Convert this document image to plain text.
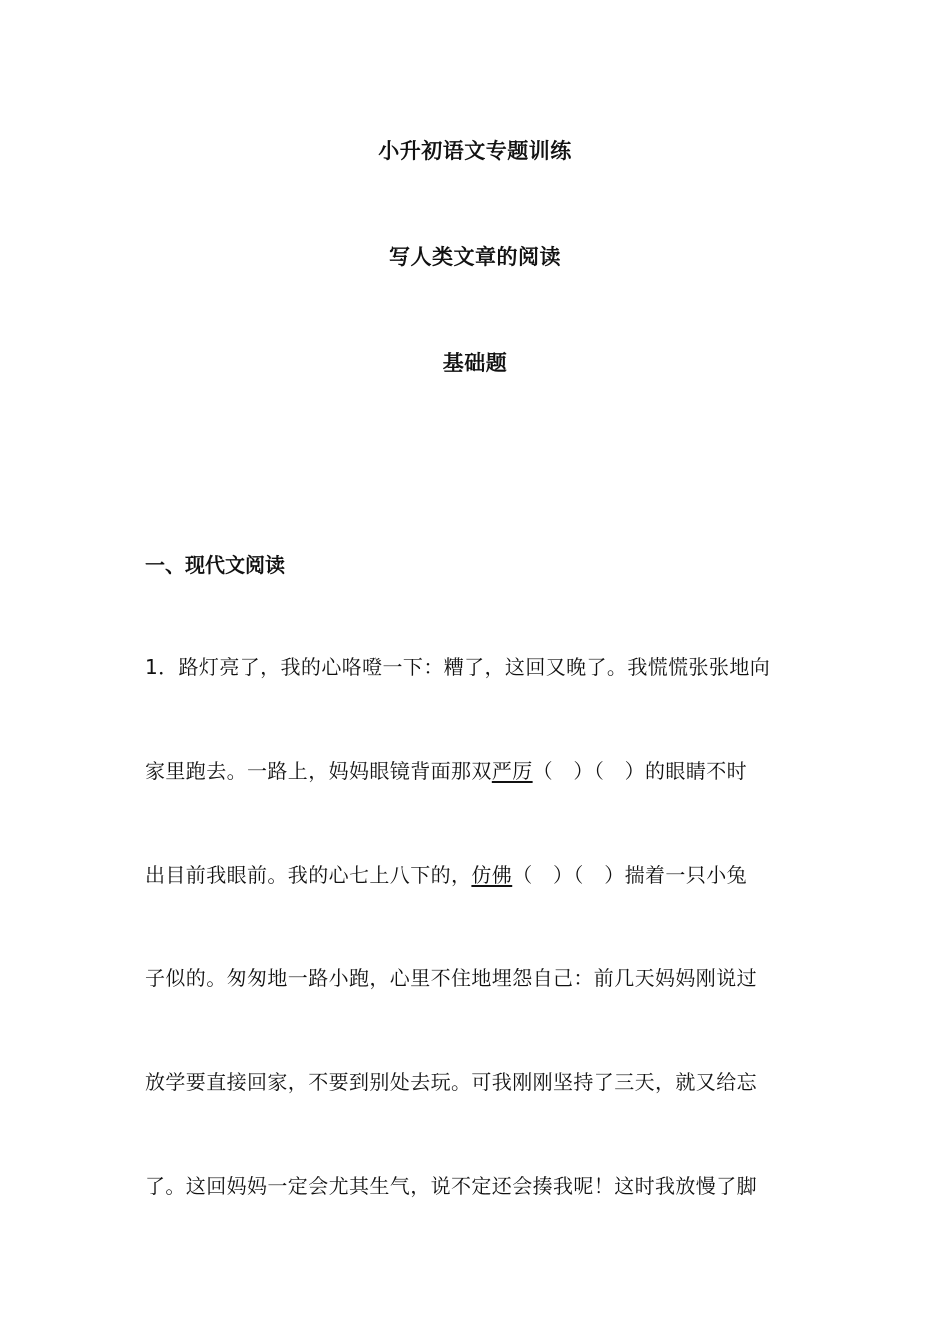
小升初语文专题训练
写人类文章的阅读
基础题
一、现代文阅读
1．路灯亮了，我的心咯噔一下：糟了，这回又晚了。我慌慌张张地向
家里跑去。一路上，妈妈眼镜背面那双严厉（　）（　）的眼睛不时
出目前我眼前。我的心七上八下的，仿佛（　）（　）揣着一只小兔
子似的。匆匆地一路小跑，心里不住地埋怨自己：前几天妈妈刚说过
放学要直接回家，不要到别处去玩。可我刚刚坚持了三天，就又给忘
了。这回妈妈一定会尤其生气，说不定还会揍我呢！这时我放慢了脚
